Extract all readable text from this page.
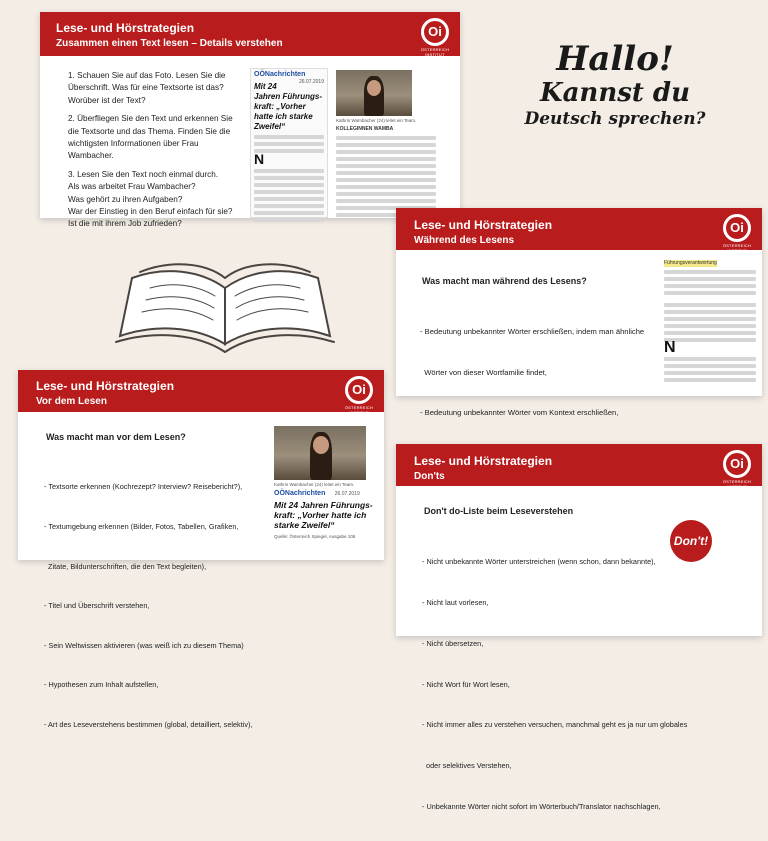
Lese- und Hörstrategien
Zusammen einen Text lesen – Details verstehen
Oi
ÖSTERREICH INSTITUT
1. Schauen Sie auf das Foto. Lesen Sie die
Überschrift. Was für eine Textsorte ist das?
Worüber ist der Text?
2. Überfliegen Sie den Text und erkennen Sie
die Textsorte und das Thema. Finden Sie die
wichtigsten Informationen über Frau
Wambacher.
3. Lesen Sie den Text noch einmal durch.
Als was arbeitet Frau Wambacher?
Was gehört zu ihren Aufgaben?
War der Einstieg in den Beruf einfach für sie?
Ist die mit ihrem Job zufrieden?
OÖNachrichten
26.07.2019
Mit 24 Jahren Führungs-kraft: „Vorher hatte ich starke Zweifel“
N
Kathrin Wambacher (24) leitet ein Team.
KOLLEGINNEN WAMBA
Hallo!
Kannst du
Deutsch sprechen?
Lese- und Hörstrategien
Während des Lesens
Oi
ÖSTERREICH INSTITUT
Was macht man während des Lesens?

- Bedeutung unbekannter Wörter erschließen, indem man ähnliche

Wörter von dieser Wortfamilie findet,

- Bedeutung unbekannter Wörter vom Kontext erschließen,

Führungsverantwortung
N
Lese- und Hörstrategien
Vor dem Lesen
Oi
ÖSTERREICH INSTITUT
Was macht man vor dem Lesen?

- Textsorte erkennen (Kochrezept? Interview? Reisebericht?),

- Textumgebung erkennen (Bilder, Fotos, Tabellen, Grafiken,

Zitate, Bildunterschriften, die den Text begleiten),

- Titel und Überschrift verstehen,

- Sein Weltwissen aktivieren (was weiß ich zu diesem Thema)

- Hypothesen zum Inhalt aufstellen,

- Art des Leseverstehens bestimmen (global, detailliert, selektiv),

Kathrin Wambacher (24) leitet ein Team.
OÖNachrichten 26.07.2019
Mit 24 Jahren Führungs-kraft: „Vorher hatte ich starke Zweifel“
Quelle: Österreich Spiegel, Ausgabe 105
Lese- und Hörstrategien
Don'ts
Oi
ÖSTERREICH INSTITUT
Don't do-Liste beim Leseverstehen
Don't!

- Nicht unbekannte Wörter unterstreichen (wenn schon, dann bekannte),

- Nicht laut vorlesen,

- Nicht übersetzen,

- Nicht Wort für Wort lesen,

- Nicht immer alles zu verstehen versuchen, manchmal geht es ja nur um globales

oder selektives Verstehen,

- Unbekannte Wörter nicht sofort im Wörterbuch/Translator nachschlagen,
